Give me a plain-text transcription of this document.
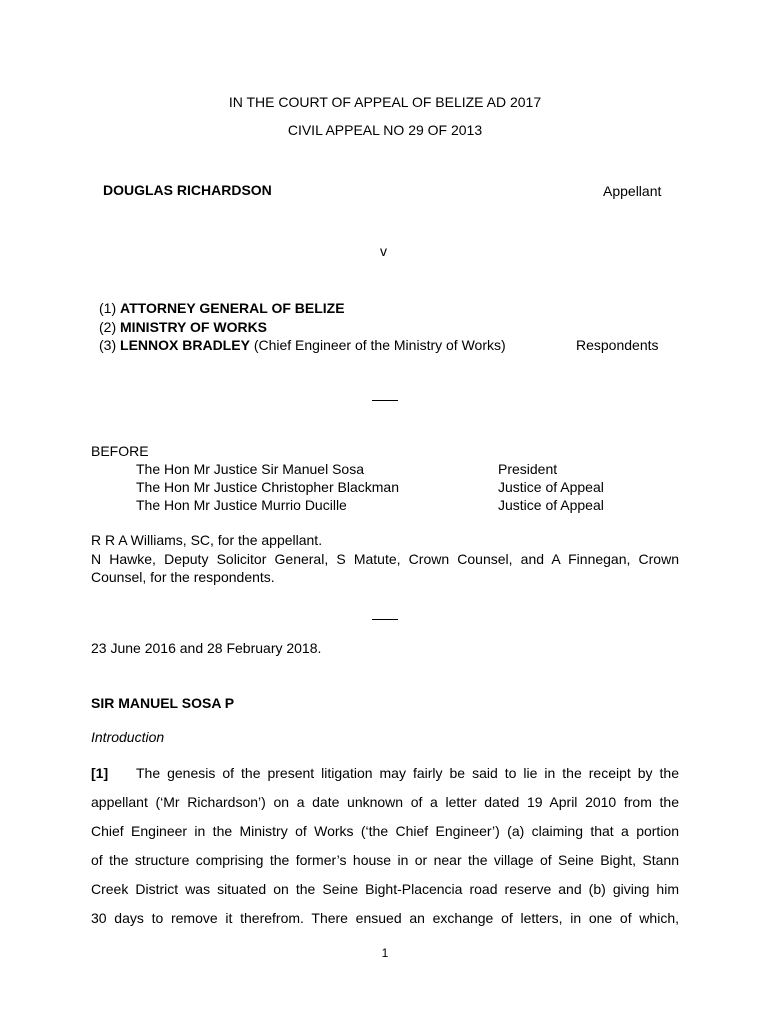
IN THE COURT OF APPEAL OF BELIZE AD 2017
CIVIL APPEAL NO 29 OF 2013
DOUGLAS RICHARDSON	Appellant
v
(1) ATTORNEY GENERAL OF BELIZE
(2) MINISTRY OF WORKS
(3) LENNOX BRADLEY (Chief Engineer of the Ministry of Works)	Respondents
BEFORE
The Hon Mr Justice Sir Manuel Sosa	President
The Hon Mr Justice Christopher Blackman	Justice of Appeal
The Hon Mr Justice Murrio Ducille	Justice of Appeal
R R A Williams, SC, for the appellant.
N Hawke, Deputy Solicitor General, S Matute, Crown Counsel, and A Finnegan, Crown Counsel, for the respondents.
23 June 2016 and 28 February 2018.
SIR MANUEL SOSA P
Introduction
[1]	The genesis of the present litigation may fairly be said to lie in the receipt by the
appellant (‘Mr Richardson’) on a date unknown of a letter dated 19 April 2010 from the
Chief Engineer in the Ministry of Works (‘the Chief Engineer’) (a) claiming that a portion
of the structure comprising the former’s house in or near the village of Seine Bight, Stann
Creek District was situated on the Seine Bight-Placencia road reserve and (b) giving him
30 days to remove it therefrom. There ensued an exchange of letters, in one of which,
1
